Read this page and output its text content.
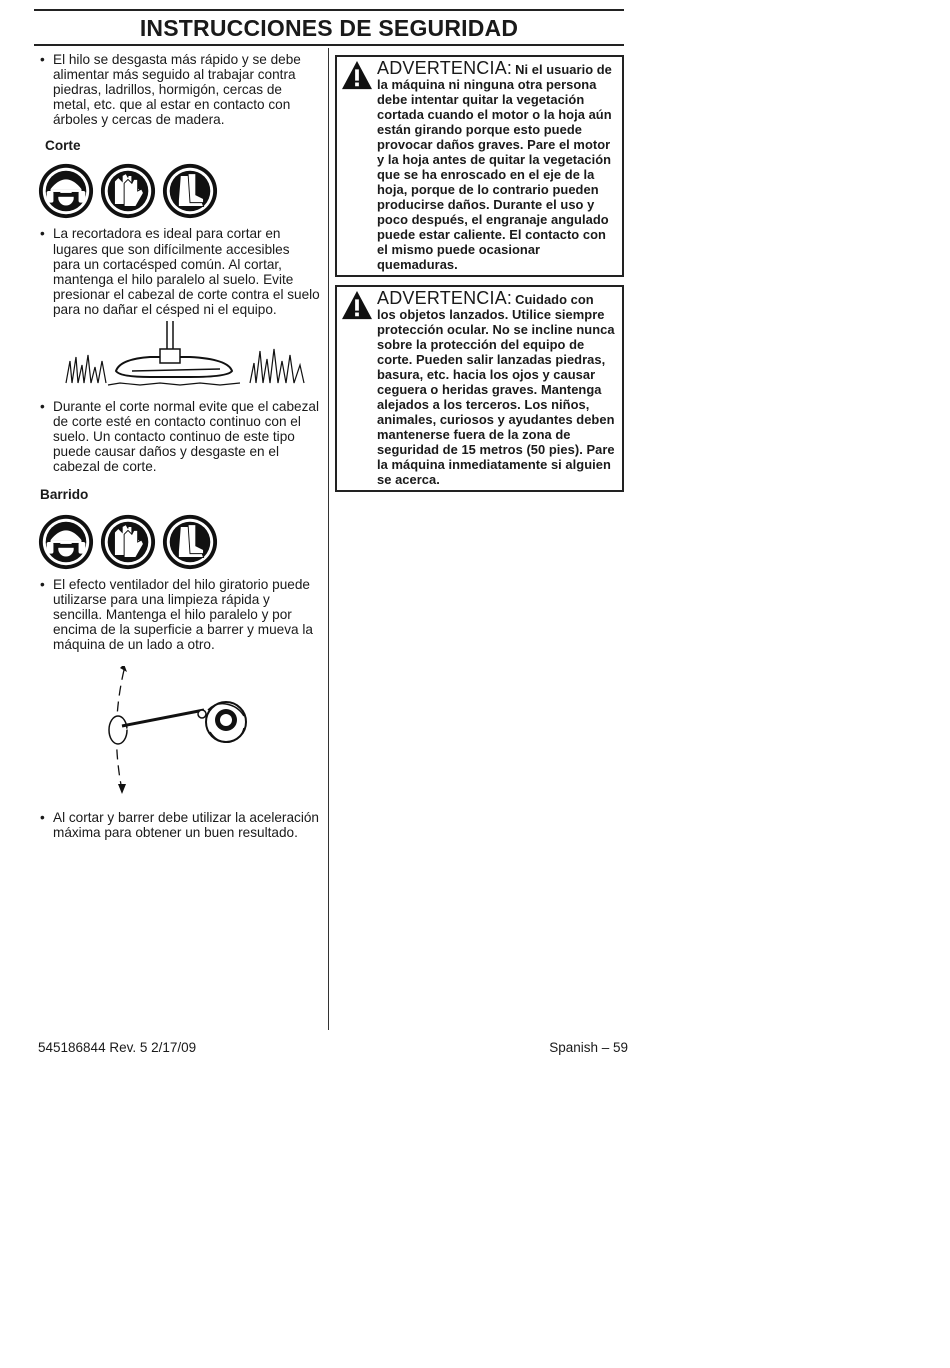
INSTRUCCIONES DE SEGURIDAD
• El hilo se desgasta más rápido y se debe alimentar más seguido al trabajar contra piedras, ladrillos, hormigón, cercas de metal, etc. que al estar en contacto con árboles y cercas de madera.
Corte
• La recortadora es ideal para cortar en lugares que son difícilmente accesibles para un cortacésped común. Al cortar, mantenga el hilo paralelo al suelo. Evite presionar el cabezal de corte contra el suelo para no dañar el césped ni el equipo.
• Durante el corte normal evite que el cabezal de corte esté en contacto continuo con el suelo. Un contacto continuo de este tipo puede causar daños y desgaste en el cabezal de corte.
Barrido
• El efecto ventilador del hilo giratorio puede utilizarse para una limpieza rápida y sencilla. Mantenga el hilo paralelo y por encima de la superficie a barrer y mueva la máquina de un lado a otro.
• Al cortar y barrer debe utilizar la aceleración máxima para obtener un buen resultado.
ADVERTENCIA: Ni el usuario de la máquina ni ninguna otra persona debe intentar quitar la vegetación cortada cuando el motor o la hoja aún están girando porque esto puede provocar daños graves. Pare el motor y la hoja antes de quitar la vegetación que se ha enroscado en el eje de la hoja, porque de lo contrario pueden producirse daños. Durante el uso y poco después, el engranaje angulado puede estar caliente. El contacto con el mismo puede ocasionar quemaduras.
ADVERTENCIA: Cuidado con los objetos lanzados. Utilice siempre protección ocular. No se incline nunca sobre la protección del equipo de corte. Pueden salir lanzadas piedras, basura, etc. hacia los ojos y causar ceguera o heridas graves. Mantenga alejados a los terceros. Los niños, animales, curiosos y ayudantes deben mantenerse fuera de la zona de seguridad de 15 metros (50 pies). Pare la máquina inmediatamente si alguien se acerca.
545186844 Rev. 5 2/17/09	Spanish – 59
